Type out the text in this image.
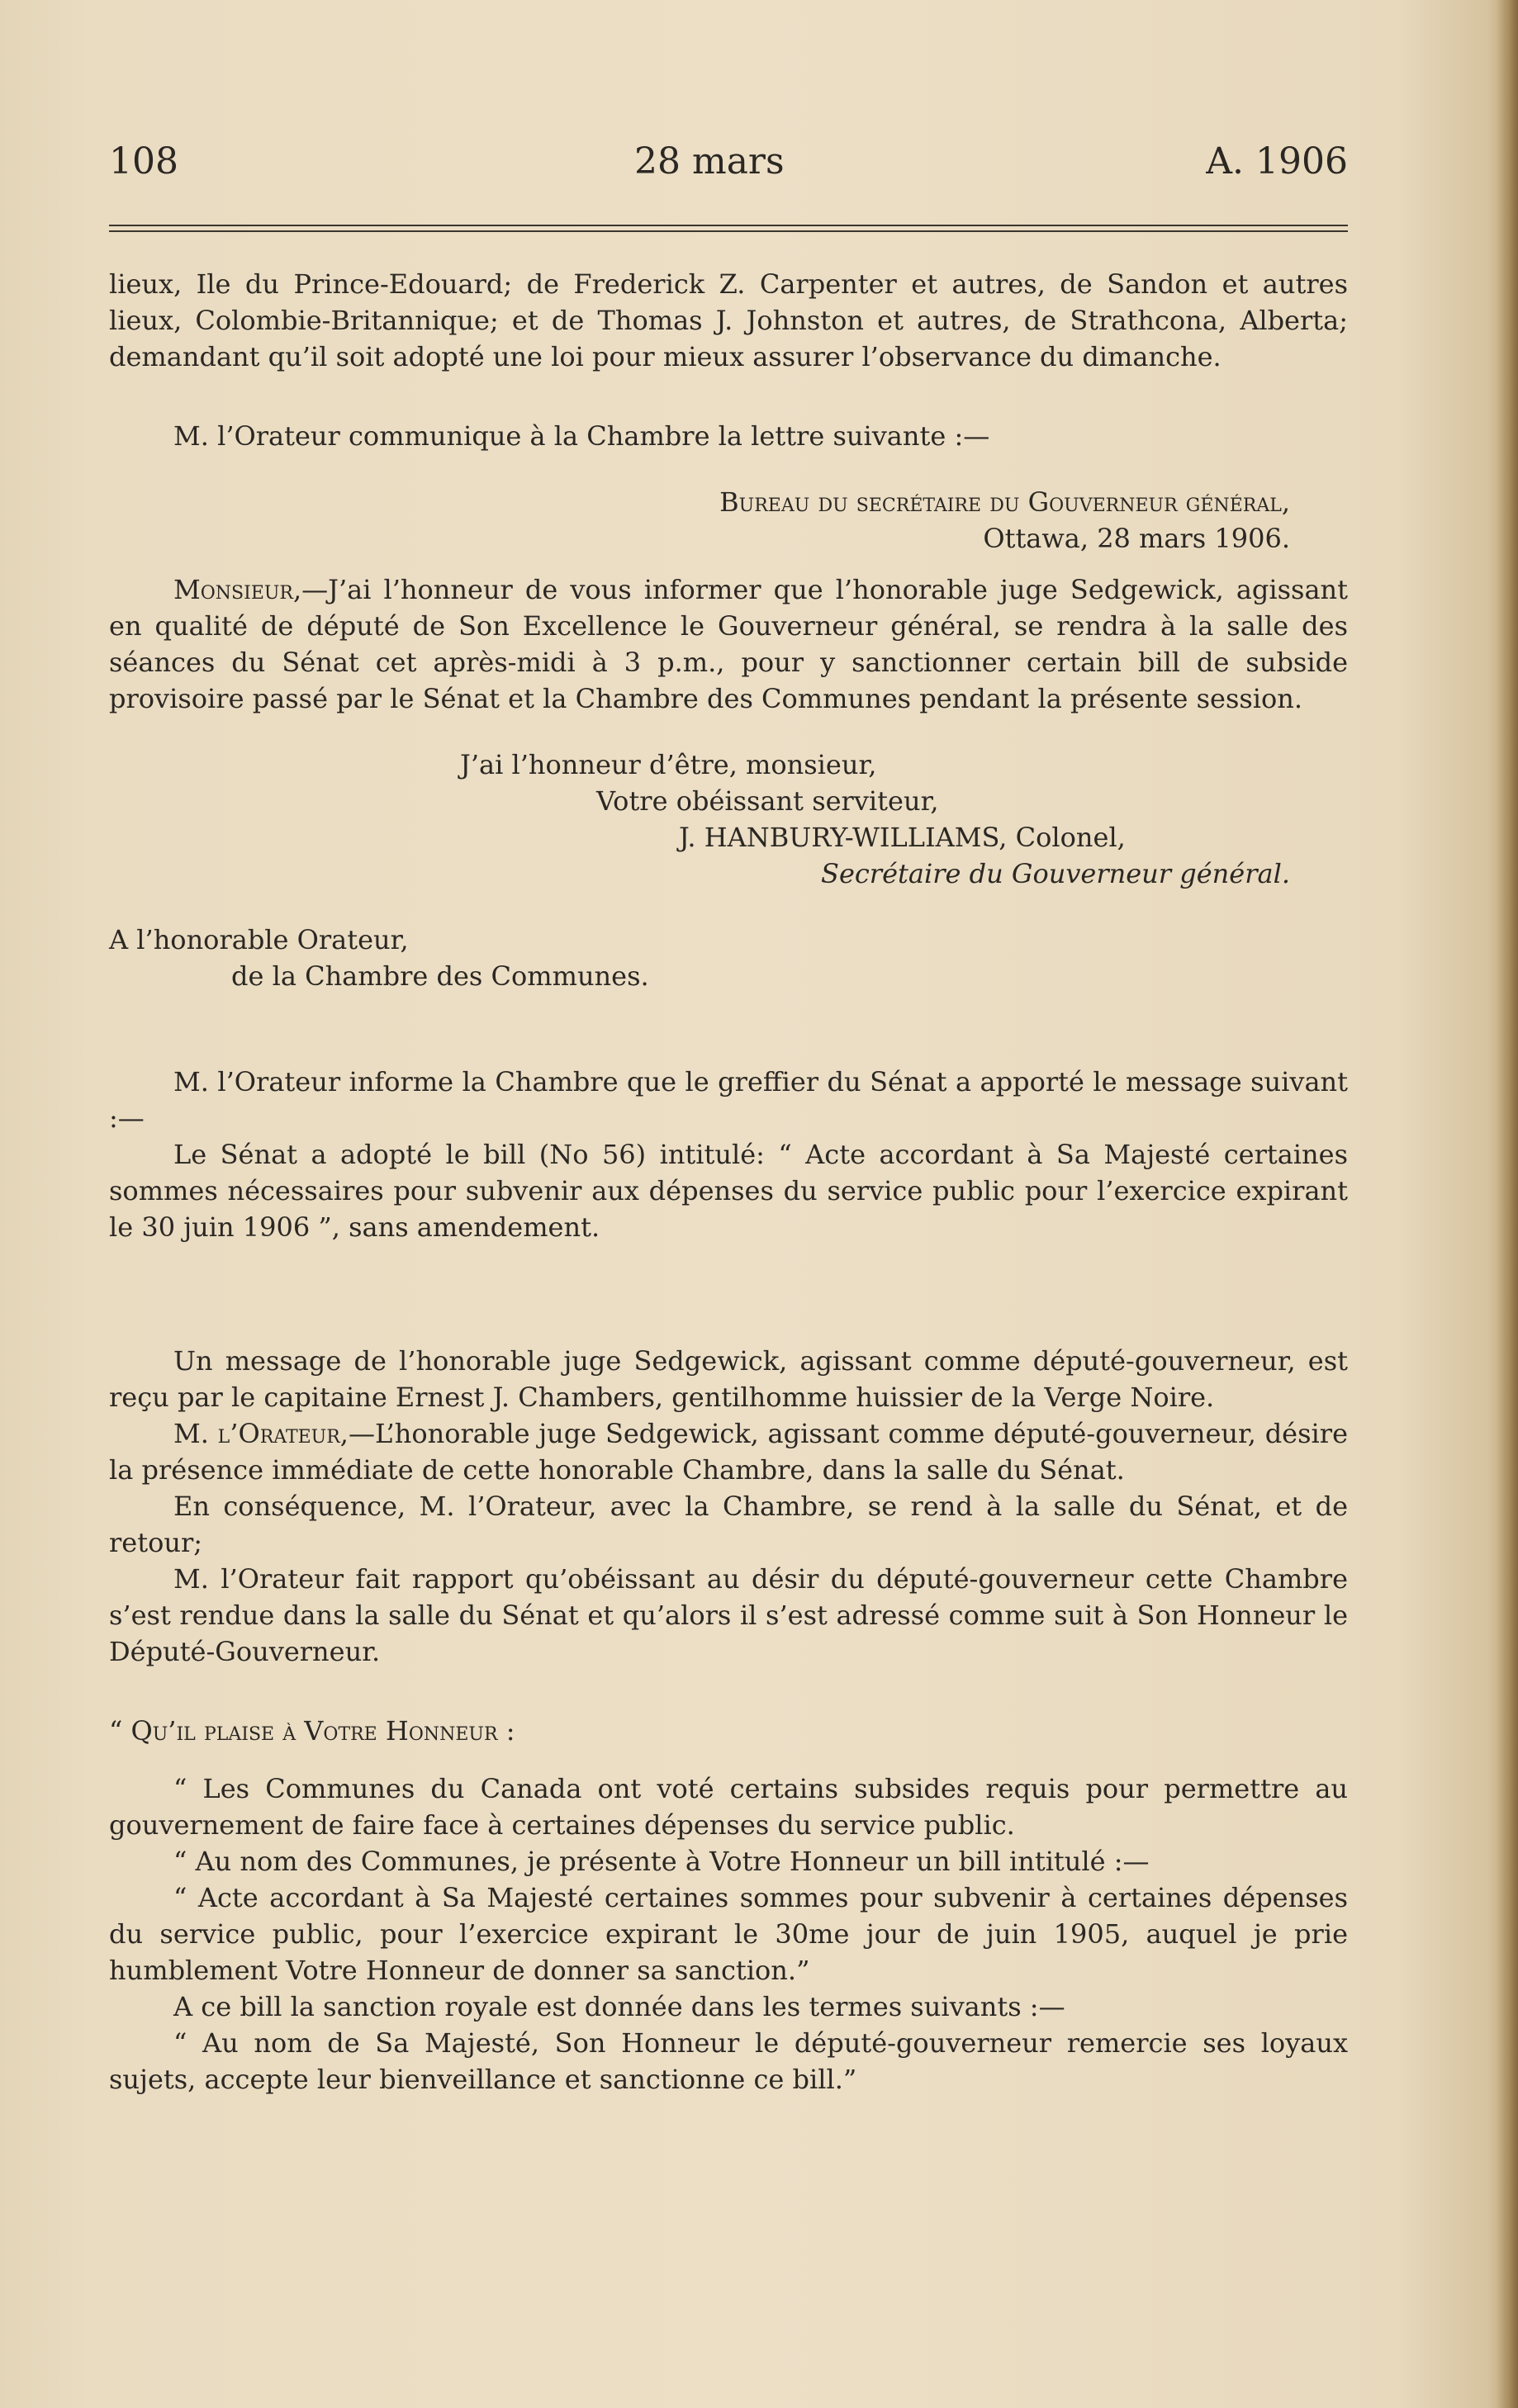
108	28 mars	A. 1906

lieux, Ile du Prince-Edouard; de Frederick Z. Carpenter et autres, de Sandon et autres lieux, Colombie-Britannique; et de Thomas J. Johnston et autres, de Strathcona, Alberta; demandant qu’il soit adopté une loi pour mieux assurer l’observance du dimanche.

M. l’Orateur communique à la Chambre la lettre suivante :—

Bureau du secrétaire du Gouverneur général,

Ottawa, 28 mars 1906.

Monsieur,—J’ai l’honneur de vous informer que l’honorable juge Sedgewick, agissant en qualité de député de Son Excellence le Gouverneur général, se rendra à la salle des séances du Sénat cet après-midi à 3 p.m., pour y sanctionner certain bill de subside provisoire passé par le Sénat et la Chambre des Communes pendant la présente session.

J’ai l’honneur d’être, monsieur,

Votre obéissant serviteur,

J. HANBURY-WILLIAMS, Colonel,

Secrétaire du Gouverneur général.

A l’honorable Orateur,

de la Chambre des Communes.

M. l’Orateur informe la Chambre que le greffier du Sénat a apporté le message suivant :—

Le Sénat a adopté le bill (No 56) intitulé: “ Acte accordant à Sa Majesté certaines sommes nécessaires pour subvenir aux dépenses du service public pour l’exercice expirant le 30 juin 1906 ”, sans amendement.

Un message de l’honorable juge Sedgewick, agissant comme député-gouverneur, est reçu par le capitaine Ernest J. Chambers, gentilhomme huissier de la Verge Noire.

M. l’Orateur,—L’honorable juge Sedgewick, agissant comme député-gouverneur, désire la présence immédiate de cette honorable Chambre, dans la salle du Sénat.

En conséquence, M. l’Orateur, avec la Chambre, se rend à la salle du Sénat, et de retour;

M. l’Orateur fait rapport qu’obéissant au désir du député-gouverneur cette Chambre s’est rendue dans la salle du Sénat et qu’alors il s’est adressé comme suit à Son Honneur le Député-Gouverneur.

“ Qu’il plaise à Votre Honneur :

“ Les Communes du Canada ont voté certains subsides requis pour permettre au gouvernement de faire face à certaines dépenses du service public.

“ Au nom des Communes, je présente à Votre Honneur un bill intitulé :—

“ Acte accordant à Sa Majesté certaines sommes pour subvenir à certaines dépenses du service public, pour l’exercice expirant le 30me jour de juin 1905, auquel je prie humblement Votre Honneur de donner sa sanction.”

A ce bill la sanction royale est donnée dans les termes suivants :—

“ Au nom de Sa Majesté, Son Honneur le député-gouverneur remercie ses loyaux sujets, accepte leur bienveillance et sanctionne ce bill.”
